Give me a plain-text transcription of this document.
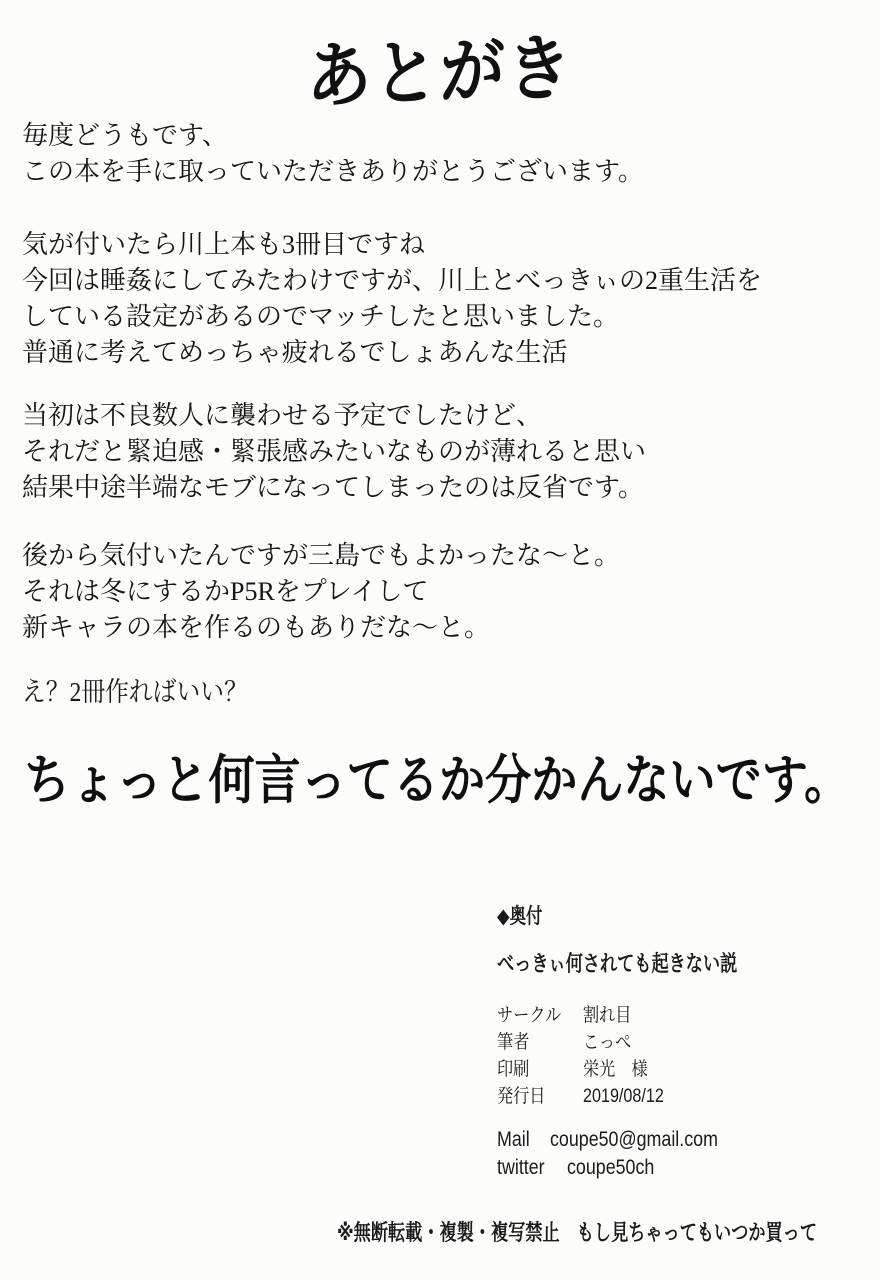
あとがき
毎度どうもです、
この本を手に取っていただきありがとうございます。
気が付いたら川上本も3冊目ですね
今回は睡姦にしてみたわけですが、川上とべっきぃの2重生活を
している設定があるのでマッチしたと思いました。
普通に考えてめっちゃ疲れるでしょあんな生活
当初は不良数人に襲わせる予定でしたけど、
それだと緊迫感・緊張感みたいなものが薄れると思い
結果中途半端なモブになってしまったのは反省です。
後から気付いたんですが三島でもよかったな〜と。
それは冬にするかP5Rをプレイして
新キャラの本を作るのもありだな〜と。
え？2冊作ればいい？
ちょっと何言ってるか分かんないです。
◆奥付
べっきぃ何されても起きない説
サークル	割れ目
筆者	こっぺ
印刷	栄光　様
発行日	2019/08/12
Mail coupe50@gmail.com
twitter	coupe50ch
※無断転載・複製・複写禁止　もし見ちゃってもいつか買って
